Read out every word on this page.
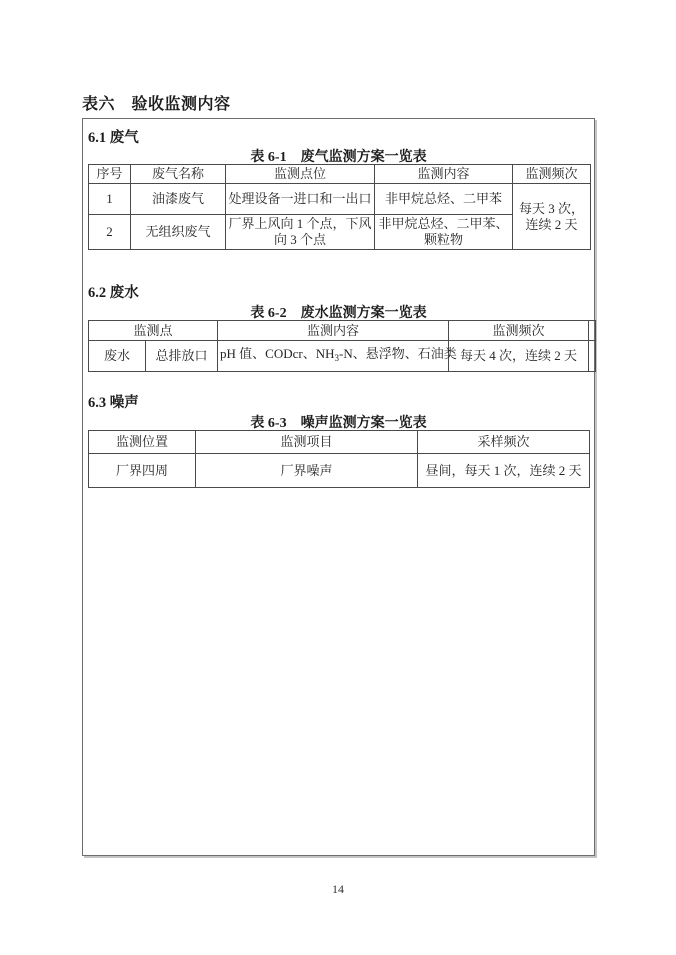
表六　验收监测内容
6.1 废气
表 6-1　废气监测方案一览表
序号	废气名称	监测点位	监测内容	监测频次
1	油漆废气	处理设备一进口和一出口	非甲烷总烃、二甲苯	每天 3 次，连续 2 天
2	无组织废气	厂界上风向 1 个点，下风向 3 个点	非甲烷总烃、二甲苯、颗粒物	
6.2 废水
表 6-2　废水监测方案一览表
监测点		监测内容	监测频次	
废水	总排放口	pH 值、CODcr、$NH_3-N$、悬浮物、石油类	每天 4 次，连续 2 天	
6.3 噪声
表 6-3　噪声监测方案一览表
监测位置	监测项目	采样频次
厂界四周	厂界噪声	昼间，每天 1 次，连续 2 天
14
